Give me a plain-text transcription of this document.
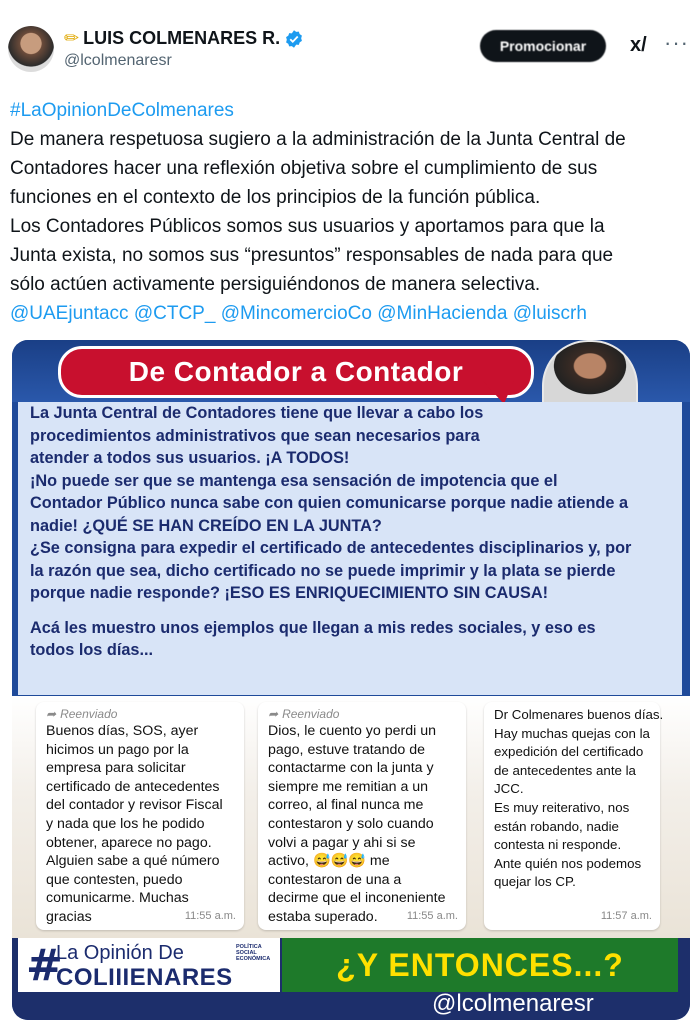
✏ LUIS COLMENARES R.
@lcolmenaresr
Promocionar	x/ ···
#LaOpinionDeColmenares
De manera respetuosa sugiero a la administración de la Junta Central de
Contadores hacer una reflexión objetiva sobre el cumplimiento de sus
funciones en el contexto de los principios de la función pública.
Los Contadores Públicos somos sus usuarios y aportamos para que la
Junta exista, no somos sus “presuntos” responsables de nada para que
sólo actúen activamente persiguiéndonos de manera selectiva.
@UAEjuntacc @CTCP_ @MincomercioCo @MinHacienda @luiscrh
De Contador a Contador
La Junta Central de Contadores tiene que llevar a cabo los
procedimientos administrativos que sean necesarios para
atender a todos sus usuarios. ¡A TODOS!
¡No puede ser que se mantenga esa sensación de impotencia que el
Contador Público nunca sabe con quien comunicarse porque nadie atiende a
nadie! ¿QUÉ SE HAN CREÍDO EN LA JUNTA?
¿Se consigna para expedir el certificado de antecedentes disciplinarios y, por
la razón que sea, dicho certificado no se puede imprimir y la plata se pierde
porque nadie responde? ¡ESO ES ENRIQUECIMIENTO SIN CAUSA!
Acá les muestro unos ejemplos que llegan a mis redes sociales, y eso es
todos los días...
➦ Reenviado
Buenos días, SOS, ayer
hicimos un pago por la
empresa para solicitar
certificado de antecedentes
del contador y revisor Fiscal
y nada que los he podido
obtener, aparece no pago.
Alguien sabe a qué número
que contesten, puedo
comunicarme. Muchas
gracias	11:55 a.m.
➦ Reenviado
Dios, le cuento yo perdi un
pago, estuve tratando de
contactarme con la junta y
siempre me remitian a un
correo, al final nunca me
contestaron y solo cuando
volvi a pagar y ahi si se
activo, 😅😅😅 me
contestaron de una a
decirme que el inconeniente
estaba superado.	11:55 a.m.
Dr Colmenares buenos días.
Hay muchas quejas con la
expedición del certificado
de antecedentes ante la
JCC.
Es muy reiterativo, nos
están robando, nadie
contesta ni responde.
Ante quién nos podemos
quejar los CP.
11:57 a.m.
#
La Opinión De
COLIIIENARES
POLÍTICA SOCIAL ECONÓMICA ¿Y ENTONCES...?
@lcolmenaresr
